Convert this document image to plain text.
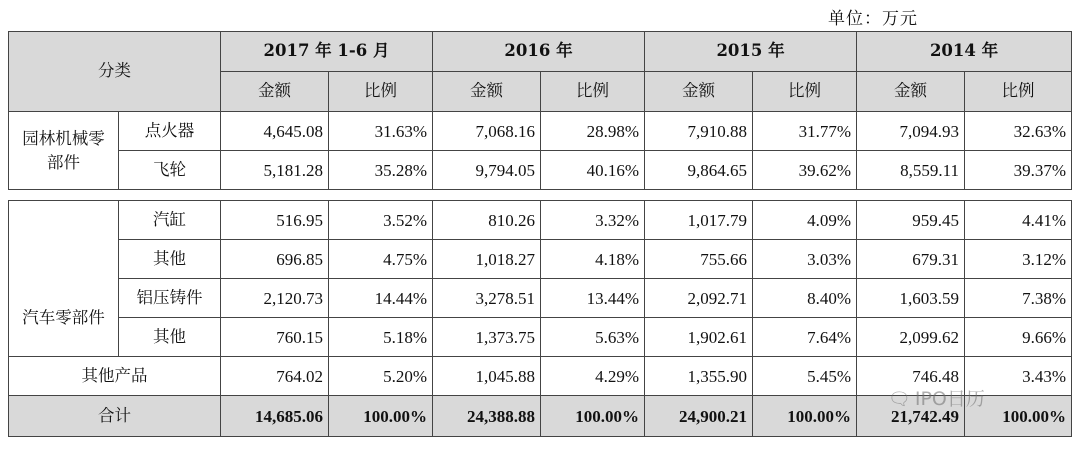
单位：万元
分类		2017 年 1-6 月		2016 年		2015 年		2014 年	
		金额	比例	金额	比例	金额	比例	金额	比例
园林机械零部件	点火器	4,645.08	31.63%	7,068.16	28.98%	7,910.88	31.77%	7,094.93	32.63%
	飞轮	5,181.28	35.28%	9,794.05	40.16%	9,864.65	39.62%	8,559.11	39.37%

汽车零部件	汽缸	516.95	3.52%	810.26	3.32%	1,017.79	4.09%	959.45	4.41%
	其他	696.85	4.75%	1,018.27	4.18%	755.66	3.03%	679.31	3.12%
	铝压铸件	2,120.73	14.44%	3,278.51	13.44%	2,092.71	8.40%	1,603.59	7.38%
	其他	760.15	5.18%	1,373.75	5.63%	1,902.61	7.64%	2,099.62	9.66%
其他产品		764.02	5.20%	1,045.88	4.29%	1,355.90	5.45%	746.48	3.43%
合计		14,685.06	100.00%	24,388.88	100.00%	24,900.21	100.00%	21,742.49	100.00%
🗨 IPO日历
